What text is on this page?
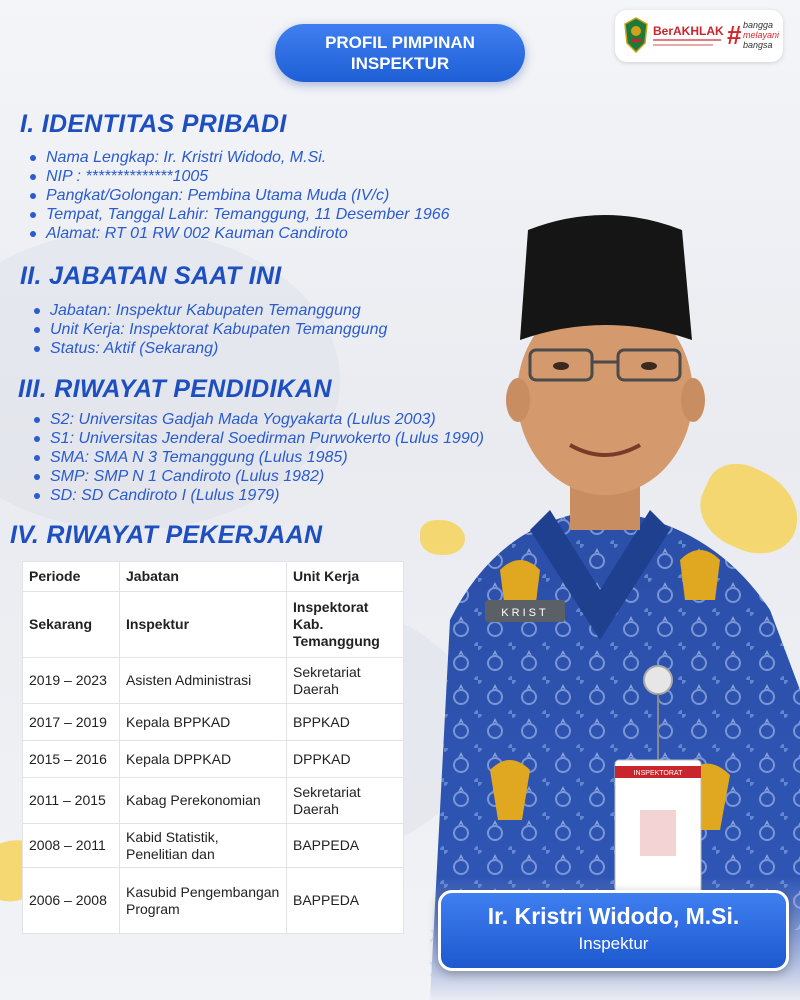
PROFIL PIMPINAN
INSPEKTUR
BerAKHLAK # bangga
melayani
bangsa
I. IDENTITAS PRIBADI
Nama Lengkap: Ir. Kristri Widodo, M.Si.
NIP : **************1005
Pangkat/Golongan: Pembina Utama Muda (IV/c)
Tempat, Tanggal Lahir: Temanggung, 11 Desember 1966
Alamat: RT 01 RW 002 Kauman Candiroto
II. JABATAN SAAT INI
Jabatan: Inspektur Kabupaten Temanggung
Unit Kerja: Inspektorat Kabupaten Temanggung
Status: Aktif (Sekarang)
III. RIWAYAT PENDIDIKAN
S2: Universitas Gadjah Mada Yogyakarta (Lulus 2003)
S1: Universitas Jenderal Soedirman Purwokerto (Lulus 1990)
SMA: SMA N 3 Temanggung (Lulus 1985)
SMP: SMP N 1 Candiroto (Lulus 1982)
SD: SD Candiroto I (Lulus 1979)
IV. RIWAYAT PEKERJAAN
Periode	Jabatan	Unit Kerja
Sekarang	Inspektur	Inspektorat Kab. Temanggung
2019 – 2023	Asisten Administrasi	Sekretariat Daerah
2017 – 2019	Kepala BPPKAD	BPPKAD
2015 – 2016	Kepala DPPKAD	DPPKAD
2011 – 2015	Kabag Perekonomian	Sekretariat Daerah
2008 – 2011	Kabid Statistik, Penelitian dan	BAPPEDA
2006 – 2008	Kasubid Pengembangan Program	BAPPEDA
KRIST
INSPEKTORAT
Ir. Kristri Widodo, M.Si.
Inspektur
